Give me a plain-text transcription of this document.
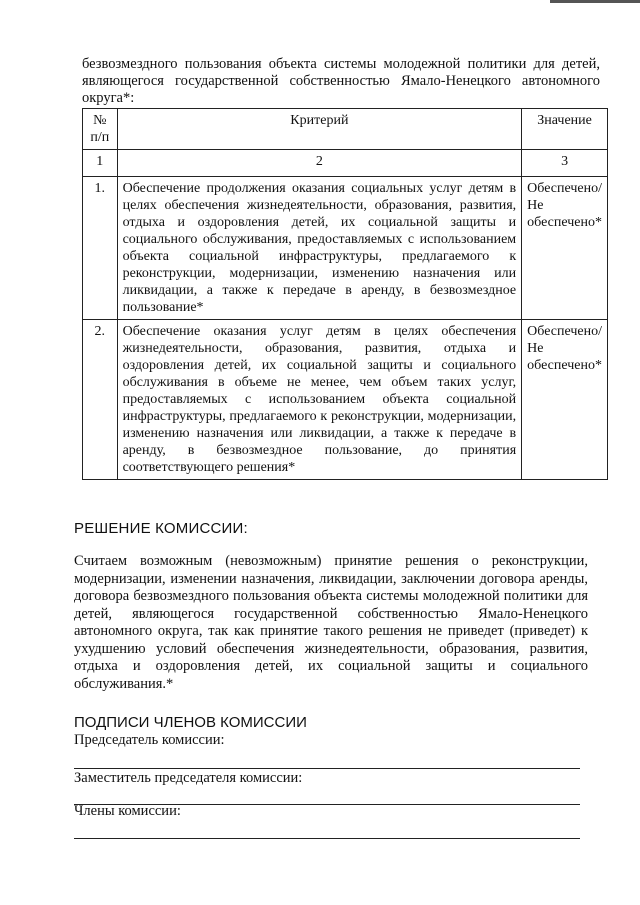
безвозмездного пользования объекта системы молодежной политики для детей, являющегося государственной собственностью Ямало-Ненецкого автономного округа*:

№ п/п	Критерий	Значение
1	2	3
1.	Обеспечение продолжения оказания социальных услуг детям в целях обеспечения жизнедеятельности, образования, развития, отдыха и оздоровления детей, их социальной защиты и социального обслуживания, предоставляемых с использованием объекта социальной инфраструктуры, предлагаемого к реконструкции, модернизации, изменению назначения или ликвидации, а также к передаче в аренду, в безвозмездное пользование*	Обеспечено/ Не обеспечено*
2.	Обеспечение оказания услуг детям в целях обеспечения жизнедеятельности, образования, развития, отдыха и оздоровления детей, их социальной защиты и социального обслуживания в объеме не менее, чем объем таких услуг, предоставляемых с использованием объекта социальной инфраструктуры, предлагаемого к реконструкции, модернизации, изменению назначения или ликвидации, а также к передаче в аренду, в безвозмездное пользование, до принятия соответствующего решения*	Обеспечено/ Не обеспечено*
РЕШЕНИЕ КОМИССИИ:

Считаем возможным (невозможным) принятие решения о реконструкции, модернизации, изменении назначения, ликвидации, заключении договора аренды, договора безвозмездного пользования объекта системы молодежной политики для детей, являющегося государственной собственностью Ямало-Ненецкого автономного округа, так как принятие такого решения не приведет (приведет) к ухудшению условий обеспечения жизнедеятельности, образования, развития, отдыха и оздоровления детей, их социальной защиты и социального обслуживания.*

ПОДПИСИ ЧЛЕНОВ КОМИССИИ
Председатель комиссии:
Заместитель председателя комиссии:
Члены комиссии:
